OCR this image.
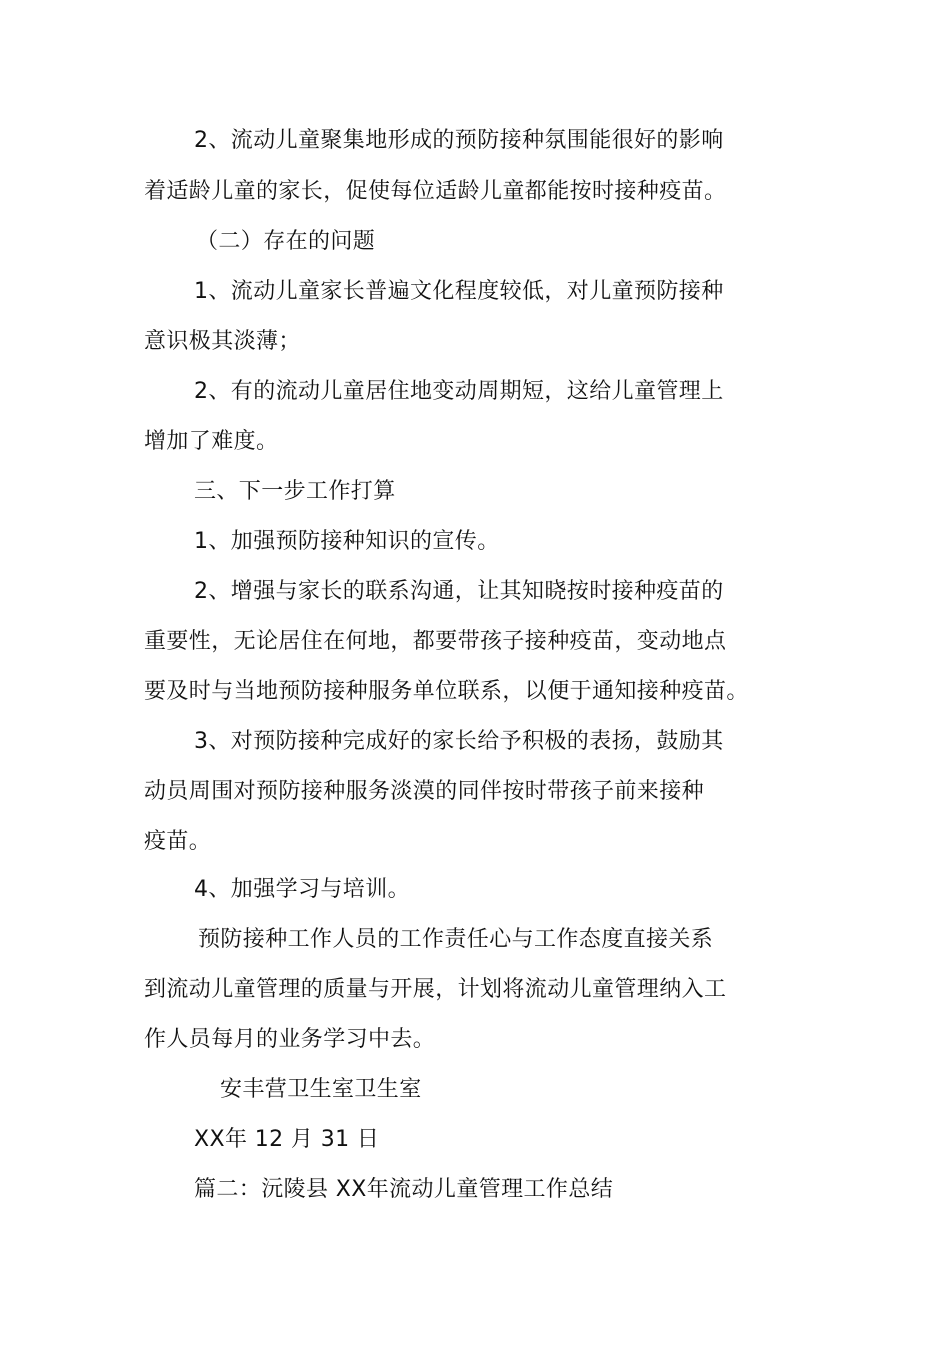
2、流动儿童聚集地形成的预防接种氛围能很好的影响
着适龄儿童的家长，促使每位适龄儿童都能按时接种疫苗。
（二）存在的问题
1、流动儿童家长普遍文化程度较低，对儿童预防接种
意识极其淡薄；
2、有的流动儿童居住地变动周期短，这给儿童管理上
增加了难度。
三、下一步工作打算
1、加强预防接种知识的宣传。
2、增强与家长的联系沟通，让其知晓按时接种疫苗的
重要性，无论居住在何地，都要带孩子接种疫苗，变动地点
要及时与当地预防接种服务单位联系，以便于通知接种疫苗。
3、对预防接种完成好的家长给予积极的表扬，鼓励其
动员周围对预防接种服务淡漠的同伴按时带孩子前来接种
疫苗。
4、加强学习与培训。
预防接种工作人员的工作责任心与工作态度直接关系
到流动儿童管理的质量与开展，计划将流动儿童管理纳入工
作人员每月的业务学习中去。
安丰营卫生室卫生室
XX年 12 月 31 日
篇二：沅陵县 XX年流动儿童管理工作总结
